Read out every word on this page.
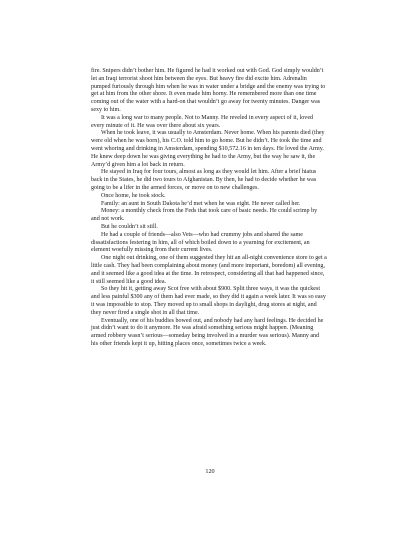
fire. Snipers didn’t bother him. He figured he had it worked out with God. God simply wouldn’t let an Iraqi terrorist shoot him between the eyes. But heavy fire did excite him. Adrenalin pumped furiously through him when he was in water under a bridge and the enemy was trying to get at him from the other shore. It even made him horny. He remembered more than one time coming out of the water with a hard-on that wouldn’t go away for twenty minutes. Danger was sexy to him.

It was a long war to many people. Not to Manny. He reveled in every aspect of it, loved every minute of it. He was over there about six years.

When he took leave, it was usually to Amsterdam. Never home. When his parents died (they were old when he was born), his C.O. told him to go home. But he didn’t. He took the time and went whoring and drinking in Amsterdam, spending $10,572.16 in ten days. He loved the Army. He knew deep down he was giving everything he had to the Army, but the way he saw it, the Army’d given him a lot back in return.

He stayed in Iraq for four tours, almost as long as they would let him. After a brief hiatus back in the States, he did two tours to Afghanistan. By then, he had to decide whether he was going to be a lifer in the armed forces, or move on to new challenges.

Once home, he took stock.

Family: an aunt in South Dakota he’d met when he was eight. He never called her.

Money: a monthly check from the Feds that took care of basic needs. He could scrimp by and not work.

But he couldn’t sit still.

He had a couple of friends—also Vets—who had crummy jobs and shared the same dissatisfactions festering in him, all of which boiled down to a yearning for excitement, an element woefully missing from their current lives.

One night out drinking, one of them suggested they hit an all-night convenience store to get a little cash. They had been complaining about money (and more important, boredom) all evening, and it seemed like a good idea at the time. In retrospect, considering all that had happened since, it still seemed like a good idea.

So they hit it, getting away Scot free with about $900. Split three ways, it was the quickest and less painful $300 any of them had ever made, so they did it again a week later. It was so easy it was impossible to stop. They moved up to small shops in daylight, drug stores at night, and they never fired a single shot in all that time.

Eventually, one of his buddies bowed out, and nobody had any hard feelings. He decided he just didn’t want to do it anymore. He was afraid something serious might happen. (Meaning armed robbery wasn’t serious—someday being involved in a murder was serious). Manny and his other friends kept it up, hitting places once, sometimes twice a week.

120
